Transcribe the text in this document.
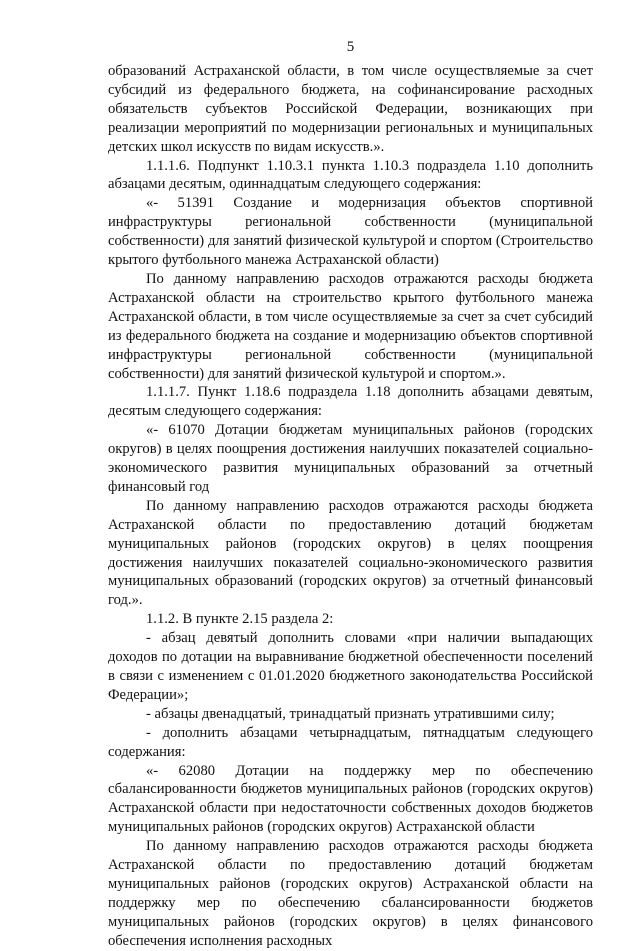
5

образований Астраханской области, в том числе осуществляемые за счет субсидий из федерального бюджета, на софинансирование расходных обязательств субъектов Российской Федерации, возникающих при реализации мероприятий по модернизации региональных и муниципальных детских школ искусств по видам искусств.».

1.1.1.6. Подпункт 1.10.3.1 пункта 1.10.3 подраздела 1.10 дополнить абзацами десятым, одиннадцатым следующего содержания:

«- 51391 Создание и модернизация объектов спортивной инфраструктуры региональной собственности (муниципальной собственности) для занятий физической культурой и спортом (Строительство крытого футбольного манежа Астраханской области)

По данному направлению расходов отражаются расходы бюджета Астраханской области на строительство крытого футбольного манежа Астраханской области, в том числе осуществляемые за счет за счет субсидий из федерального бюджета на создание и модернизацию объектов спортивной инфраструктуры региональной собственности (муниципальной собственности) для занятий физической культурой и спортом.».

1.1.1.7. Пункт 1.18.6 подраздела 1.18 дополнить абзацами девятым, десятым следующего содержания:

«- 61070 Дотации бюджетам муниципальных районов (городских округов) в целях поощрения достижения наилучших показателей социально-экономического развития муниципальных образований за отчетный финансовый год

По данному направлению расходов отражаются расходы бюджета Астраханской области по предоставлению дотаций бюджетам муниципальных районов (городских округов) в целях поощрения достижения наилучших показателей социально-экономического развития муниципальных образований (городских округов) за отчетный финансовый год.».

1.1.2. В пункте 2.15 раздела 2:

- абзац девятый дополнить словами «при наличии выпадающих доходов по дотации на выравнивание бюджетной обеспеченности поселений в связи с изменением с 01.01.2020 бюджетного законодательства Российской Федерации»;

- абзацы двенадцатый, тринадцатый признать утратившими силу;

- дополнить абзацами четырнадцатым, пятнадцатым следующего содержания:

«- 62080 Дотации на поддержку мер по обеспечению сбалансированности бюджетов муниципальных районов (городских округов) Астраханской области при недостаточности собственных доходов бюджетов муниципальных районов (городских округов) Астраханской области

По данному направлению расходов отражаются расходы бюджета Астраханской области по предоставлению дотаций бюджетам муниципальных районов (городских округов) Астраханской области на поддержку мер по обеспечению сбалансированности бюджетов муниципальных районов (городских округов) в целях финансового обеспечения исполнения расходных
